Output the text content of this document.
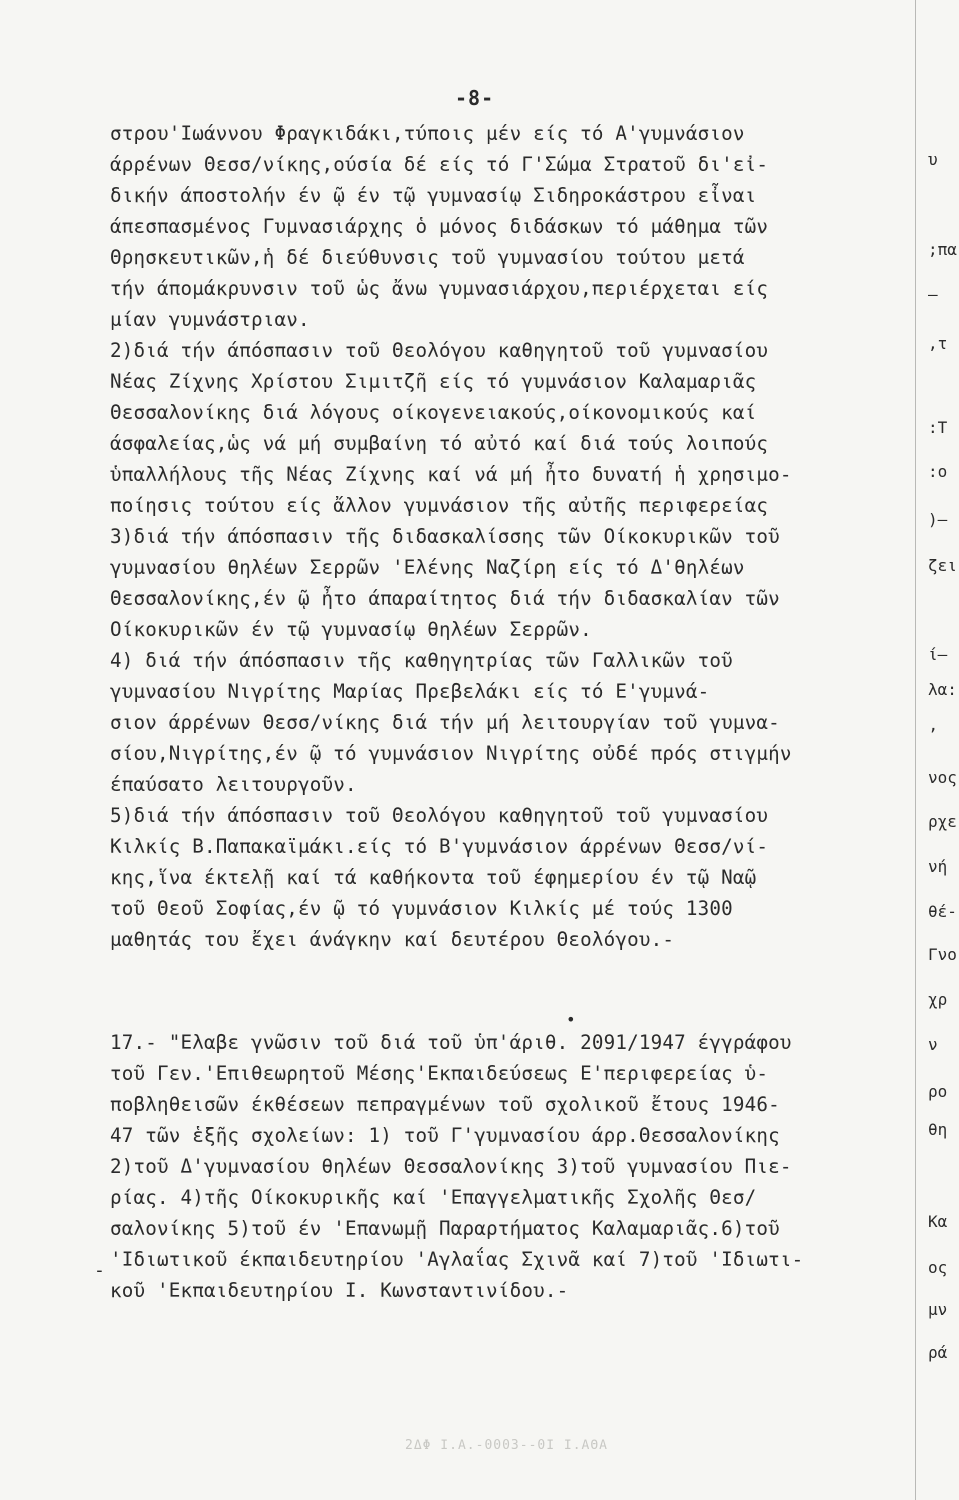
-8-
στρου'Ιωάννου Φραγκιδάκι,τύποις μέν είς τό Α'γυμνάσιον
άρρένων Θεσσ/νίκης,ούσία δέ είς τό Γ'Σώμα Στρατοῦ δι'εἰ-
δικήν άποστολήν έν ῷ έν τῷ γυμνασίῳ Σιδηροκάστρου εἶναι
άπεσπασμένος Γυμνασιάρχης ὁ μόνος διδάσκων τό μάθημα τῶν
Θρησκευτικῶν,ἡ δέ διεύθυνσις τοῦ γυμνασίου τούτου μετά
τήν άπομάκρυνσιν τοῦ ὡς ἄνω γυμνασιάρχου,περιέρχεται είς
μίαν γυμνάστριαν.
2)διά τήν άπόσπασιν τοῦ Θεολόγου καθηγητοῦ τοῦ γυμνασίου
Νέας Ζίχνης Χρίστου Σιμιτζῆ είς τό γυμνάσιον Καλαμαριᾶς
Θεσσαλονίκης διά λόγους οίκογενειακούς,οίκονομικούς καί
άσφαλείας,ὡς νά μή συμβαίνη τό αὐτό καί διά τούς λοιπούς
ὑπαλλήλους τῆς Νέας Ζίχνης καί νά μή ἦτο δυνατή ἡ χρησιμο-
ποίησις τούτου είς ἄλλον γυμνάσιον τῆς αὐτῆς περιφερείας
3)διά τήν άπόσπασιν τῆς διδασκαλίσσης τῶν Οίκοκυρικῶν τοῦ
γυμνασίου θηλέων Σερρῶν 'Ελένης Ναζίρη είς τό Δ'θηλέων
Θεσσαλονίκης,έν ῷ ἦτο άπαραίτητος διά τήν διδασκαλίαν τῶν
Οίκοκυρικῶν έν τῷ γυμνασίῳ θηλέων Σερρῶν.
4) διά τήν άπόσπασιν τῆς καθηγητρίας τῶν Γαλλικῶν τοῦ
γυμνασίου Νιγρίτης Μαρίας Πρεβελάκι είς τό Ε'γυμνά-
σιον άρρένων Θεσσ/νίκης διά τήν μή λειτουργίαν τοῦ γυμνα-
σίου,Νιγρίτης,έν ῷ τό γυμνάσιον Νιγρίτης οὐδέ πρός στιγμήν
έπαύσατο λειτουργοῦν.
5)διά τήν άπόσπασιν τοῦ Θεολόγου καθηγητοῦ τοῦ γυμνασίου
Κιλκίς Β.Παπακαϊμάκι.είς τό Β'γυμνάσιον άρρένων Θεσσ/νί-
κης,ἵνα έκτελῇ καί τά καθήκοντα τοῦ έφημερίου έν τῷ Ναῷ
τοῦ Θεοῦ Σοφίας,έν ῷ τό γυμνάσιον Κιλκίς μέ τούς 1300
μαθητάς του ἔχει άνάγκην καί δευτέρου Θεολόγου.-
17.- "Ελαβε γνῶσιν τοῦ διά τοῦ ὑπ'άριθ. 2091/1947 έγγράφου
τοῦ Γεν.'Επιθεωρητοῦ Μέσης'Εκπαιδεύσεως Ε'περιφερείας ὑ-
ποβληθεισῶν έκθέσεων πεπραγμένων τοῦ σχολικοῦ ἔτους 1946-
47 τῶν ἑξῆς σχολείων: 1) τοῦ Γ'γυμνασίου άρρ.Θεσσαλονίκης
2)τοῦ Δ'γυμνασίου θηλέων Θεσσαλονίκης 3)τοῦ γυμνασίου Πιε-
ρίας. 4)τῆς Οίκοκυρικῆς καί 'Επαγγελματικῆς Σχολῆς Θεσ/
σαλονίκης 5)τοῦ έν 'Επανωμῇ Παραρτήματος Καλαμαριᾶς.6)τοῦ
'Ιδιωτικοῦ έκπαιδευτηρίου 'Αγλαΐας Σχινᾶ καί 7)τοῦ 'Ιδιωτι-
κοῦ 'Εκπαιδευτηρίου Ι. Κωνσταντινίδου.-
•
-
υ
;πα
—
,τ
:Τ
:ο
)—
ζει
ί—
λα:
ʼ
νος
ρχε
νή
θέ-
Γνο
χρ
ν
ρο
θη
Κα
ος
μν
ρά
2ΔΦ Ι.Α.-0003--0Ι Ι.ΑΘΑ
